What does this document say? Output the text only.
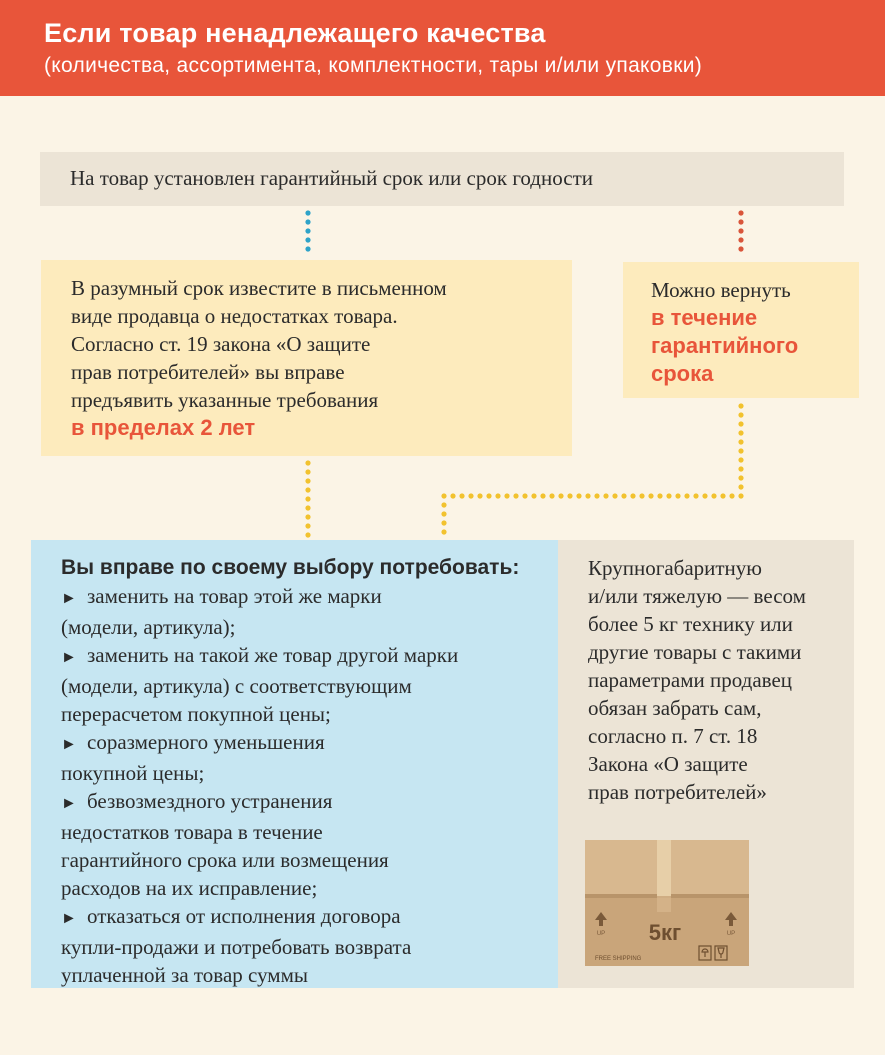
Если товар ненадлежащего качества
(количества, ассортимента, комплектности, тары и/или упаковки)
На товар установлен гарантийный срок или срок годности
В разумный срок известите в письменном
виде продавца о недостатках товара.
Согласно ст. 19 закона «О защите
прав потребителей» вы вправе
предъявить указанные требования
в пределах 2 лет
Можно вернуть
в течение
гарантийного
срока
Вы вправе по своему выбору потребовать:
► заменить на товар этой же марки
(модели, артикула);
► заменить на такой же товар другой марки
(модели, артикула) с соответствующим
перерасчетом покупной цены;
► соразмерного уменьшения
покупной цены;
► безвозмездного устранения
недостатков товара в течение
гарантийного срока или возмещения
расходов на их исправление;
► отказаться от исполнения договора
купли-продажи и потребовать возврата
уплаченной за товар суммы
Крупногабаритную
и/или тяжелую — весом
более 5 кг технику или
другие товары с такими
параметрами продавец
обязан забрать сам,
согласно п. 7 ст. 18
Закона «О защите
прав потребителей»
UP	UP
5кг
FREE SHIPPING
